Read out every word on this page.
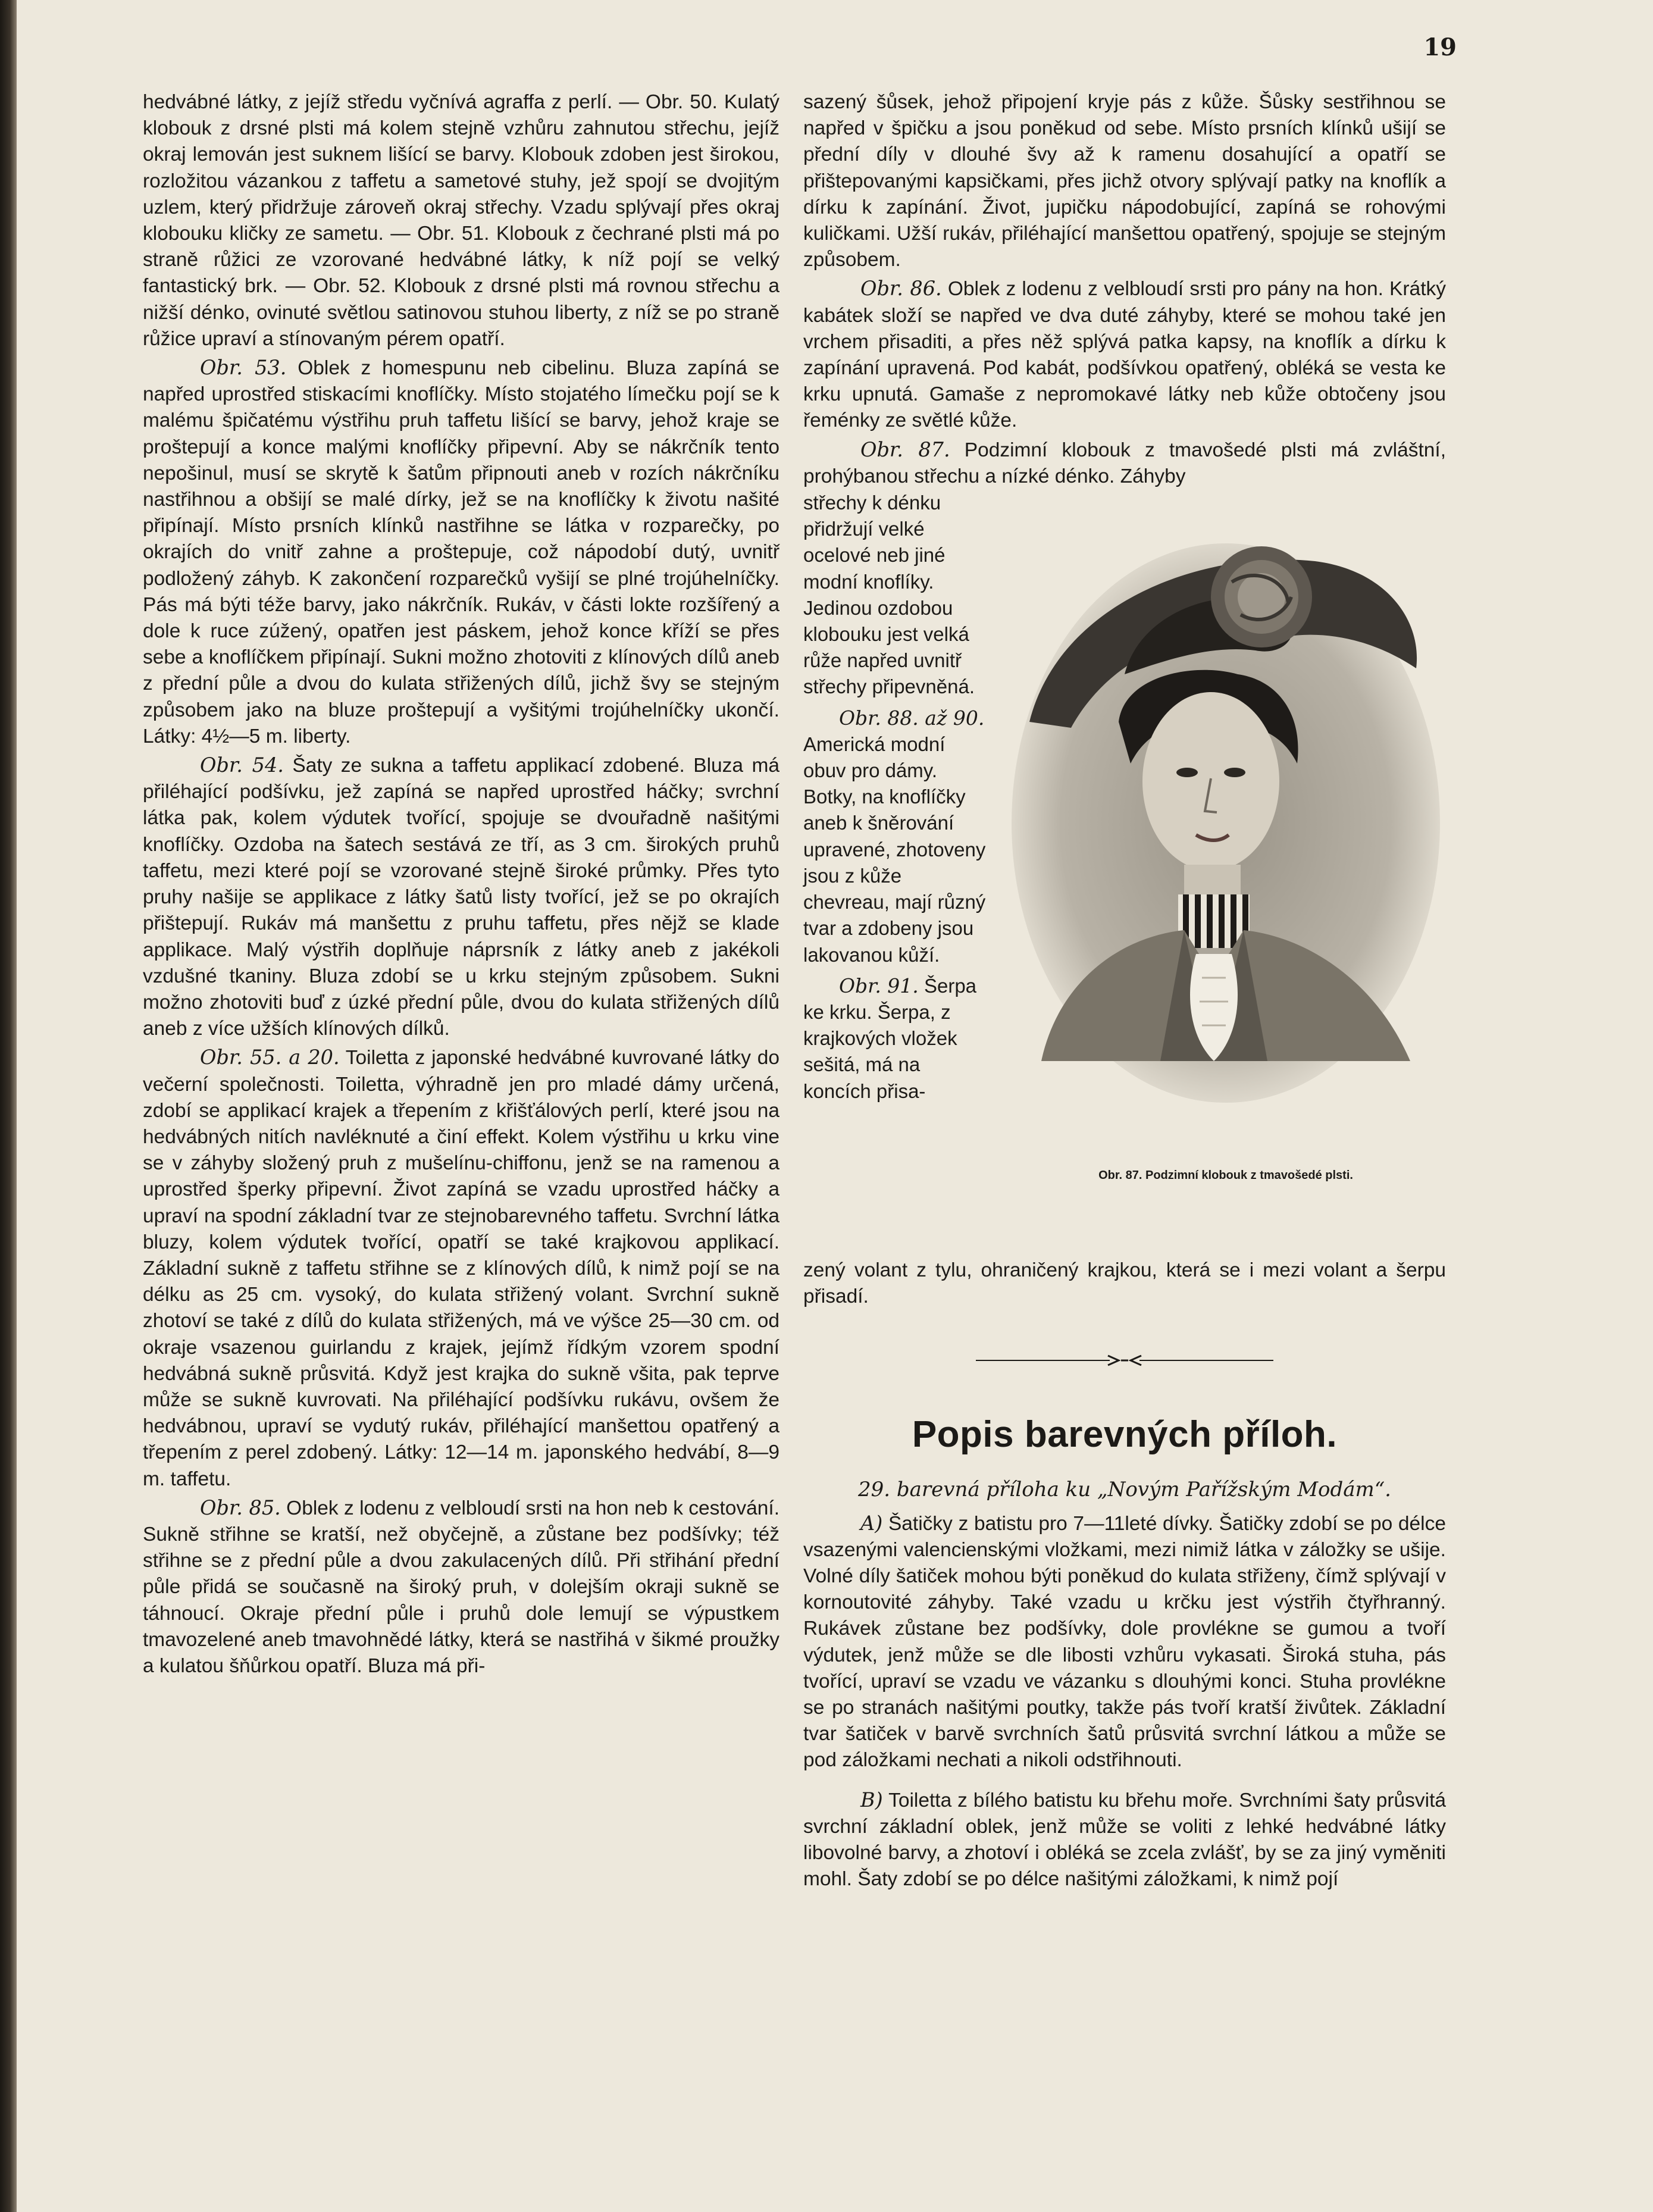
19

hedvábné látky, z jejíž středu vyčnívá agraffa z perlí. — Obr. 50. Kulatý klobouk z drsné plsti má kolem stejně vzhůru zahnutou střechu, jejíž okraj lemován jest suknem lišící se barvy. Klobouk zdoben jest širokou, rozložitou vázankou z taffetu a sametové stuhy, jež spojí se dvojitým uzlem, který přidržuje zároveň okraj střechy. Vzadu splývají přes okraj klobouku kličky ze sametu. — Obr. 51. Klobouk z čechrané plsti má po straně růžici ze vzorované hedvábné látky, k níž pojí se velký fantastický brk. — Obr. 52. Klobouk z drsné plsti má rovnou střechu a nižší dénko, ovinuté světlou satinovou stuhou liberty, z níž se po straně růžice upraví a stínovaným pérem opatří.

Obr. 53. Oblek z homespunu neb cibelinu. Bluza zapíná se napřed uprostřed stiskacími knoflíčky. Místo stojatého límečku pojí se k malému špičatému výstřihu pruh taffetu lišící se barvy, jehož kraje se proštepují a konce malými knoflíčky připevní. Aby se nákrčník tento nepošinul, musí se skrytě k šatům připnouti aneb v rozích nákrčníku nastřihnou a obšijí se malé dírky, jež se na knoflíčky k životu našité připínají. Místo prsních klínků nastřihne se látka v rozparečky, po okrajích do vnitř zahne a proštepuje, což nápodobí dutý, uvnitř podložený záhyb. K zakončení rozparečků vyšijí se plné trojúhelníčky. Pás má býti téže barvy, jako nákrčník. Rukáv, v části lokte rozšířený a dole k ruce zúžený, opatřen jest páskem, jehož konce kříží se přes sebe a knoflíčkem připínají. Sukni možno zhotoviti z klínových dílů aneb z přední půle a dvou do kulata střižených dílů, jichž švy se stejným způsobem jako na bluze proštepují a vyšitými trojúhelníčky ukončí. Látky: 4½—5 m. liberty.

Obr. 54. Šaty ze sukna a taffetu applikací zdobené. Bluza má přiléhající podšívku, jež zapíná se napřed uprostřed háčky; svrchní látka pak, kolem výdutek tvořící, spojuje se dvouřadně našitými knoflíčky. Ozdoba na šatech sestává ze tří, as 3 cm. širokých pruhů taffetu, mezi které pojí se vzorované stejně široké průmky. Přes tyto pruhy našije se applikace z látky šatů listy tvořící, jež se po okrajích přištepují. Rukáv má manšettu z pruhu taffetu, přes nějž se klade applikace. Malý výstřih doplňuje náprsník z látky aneb z jakékoli vzdušné tkaniny. Bluza zdobí se u krku stejným způsobem. Sukni možno zhotoviti buď z úzké přední půle, dvou do kulata střižených dílů aneb z více užších klínových dílků.

Obr. 55. a 20. Toiletta z japonské hedvábné kuvrované látky do večerní společnosti. Toiletta, výhradně jen pro mladé dámy určená, zdobí se applikací krajek a třepením z křišťálových perlí, které jsou na hedvábných nitích navléknuté a činí effekt. Kolem výstřihu u krku vine se v záhyby složený pruh z mušelínu-chiffonu, jenž se na ramenou a uprostřed šperky připevní. Život zapíná se vzadu uprostřed háčky a upraví na spodní základní tvar ze stejnobarevného taffetu. Svrchní látka bluzy, kolem výdutek tvořící, opatří se také krajkovou applikací. Základní sukně z taffetu střihne se z klínových dílů, k nimž pojí se na délku as 25 cm. vysoký, do kulata střižený volant. Svrchní sukně zhotoví se také z dílů do kulata střižených, má ve výšce 25—30 cm. od okraje vsazenou guirlandu z krajek, jejímž řídkým vzorem spodní hedvábná sukně průsvitá. Když jest krajka do sukně všita, pak teprve může se sukně kuvrovati. Na přiléhající podšívku rukávu, ovšem že hedvábnou, upraví se vydutý rukáv, přiléhající manšettou opatřený a třepením z perel zdobený. Látky: 12—14 m. japonského hedvábí, 8—9 m. taffetu.

Obr. 85. Oblek z lodenu z velbloudí srsti na hon neb k cestování. Sukně střihne se kratší, než obyčejně, a zůstane bez podšívky; též střihne se z přední půle a dvou zakulacených dílů. Při střihání přední půle přidá se současně na široký pruh, v dolejším okraji sukně se táhnoucí. Okraje přední půle i pruhů dole lemují se výpustkem tmavozelené aneb tmavohnědé látky, která se nastřihá v šikmé proužky a kulatou šňůrkou opatří. Bluza má při-

sazený šůsek, jehož připojení kryje pás z kůže. Šůsky sestřihnou se napřed v špičku a jsou poněkud od sebe. Místo prsních klínků ušijí se přední díly v dlouhé švy až k ramenu dosahující a opatří se přištepovanými kapsičkami, přes jichž otvory splývají patky na knoflík a dírku k zapínání. Život, jupičku nápodobující, zapíná se rohovými kuličkami. Užší rukáv, přiléhající manšettou opatřený, spojuje se stejným způsobem.

Obr. 86. Oblek z lodenu z velbloudí srsti pro pány na hon. Krátký kabátek složí se napřed ve dva duté záhyby, které se mohou také jen vrchem přisaditi, a přes něž splývá patka kapsy, na knoflík a dírku k zapínání upravená. Pod kabát, podšívkou opatřený, obléká se vesta ke krku upnutá. Gamaše z nepromokavé látky neb kůže obtočeny jsou řeménky ze světlé kůže.

Obr. 87. Podzimní klobouk z tmavošedé plsti má zvláštní, prohýbanou střechu a nízké dénko. Záhyby

střechy k dénku přidržují velké ocelové neb jiné modní knoflíky. Jedinou ozdobou klobouku jest velká růže napřed uvnitř střechy připevněná.

Obr. 88. až 90. Americká modní obuv pro dámy. Botky, na knoflíčky aneb k šněrování upravené, zhotoveny jsou z kůže chevreau, mají různý tvar a zdobeny jsou lakovanou kůží.

Obr. 91. Šerpa ke krku. Šerpa, z krajkových vložek sešitá, má na koncích přisa-

Obr. 87. Podzimní klobouk z tmavošedé plsti.

zený volant z tylu, ohraničený krajkou, která se i mezi volant a šerpu přisadí.

Popis barevných příloh.
29. barevná příloha ku „Novým Pařížským Modám“.

A) Šatičky z batistu pro 7—11leté dívky. Šatičky zdobí se po délce vsazenými valencienskými vložkami, mezi nimiž látka v záložky se ušije. Volné díly šatiček mohou býti poněkud do kulata střiženy, čímž splývají v kornoutovité záhyby. Také vzadu u krčku jest výstřih čtyřhranný. Rukávek zůstane bez podšívky, dole provlékne se gumou a tvoří výdutek, jenž může se dle libosti vzhůru vykasati. Široká stuha, pás tvořící, upraví se vzadu ve vázanku s dlouhými konci. Stuha provlékne se po stranách našitými poutky, takže pás tvoří kratší živůtek. Základní tvar šatiček v barvě svrchních šatů průsvitá svrchní látkou a může se pod záložkami nechati a nikoli odstřihnouti.

B) Toiletta z bílého batistu ku břehu moře. Svrchními šaty průsvitá svrchní základní oblek, jenž může se voliti z lehké hedvábné látky libovolné barvy, a zhotoví i obléká se zcela zvlášť, by se za jiný vyměniti mohl. Šaty zdobí se po délce našitými záložkami, k nimž pojí
